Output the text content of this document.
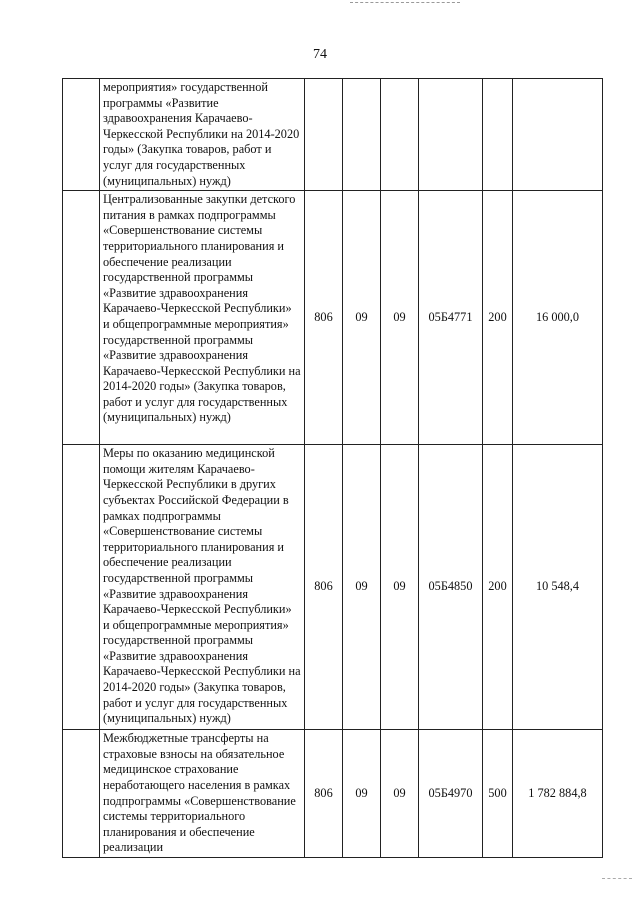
74
	мероприятия» государственной программы «Развитие здравоохранения Карачаево-Черкесской Республики на 2014-2020 годы» (Закупка товаров, работ и услуг для государственных (муниципальных) нужд)						
	Централизованные закупки детского питания в рамках подпрограммы «Совершенствование системы территориального планирования и обеспечение реализации государственной программы «Развитие здравоохранения Карачаево-Черкесской Республики» и общепрограммные мероприятия» государственной программы «Развитие здравоохранения Карачаево-Черкесской Республики на 2014-2020 годы» (Закупка товаров, работ и услуг для государственных (муниципальных) нужд)	806	09	09	05Б4771	200	16 000,0
	Меры по оказанию медицинской помощи жителям Карачаево-Черкесской Республики в других субъектах Российской Федерации в рамках подпрограммы «Совершенствование системы территориального планирования и обеспечение реализации государственной программы «Развитие здравоохранения Карачаево-Черкесской Республики» и общепрограммные мероприятия» государственной программы «Развитие здравоохранения Карачаево-Черкесской Республики на 2014-2020 годы» (Закупка товаров, работ и услуг для государственных (муниципальных) нужд)	806	09	09	05Б4850	200	10 548,4
	Межбюджетные трансферты на страховые взносы на обязательное медицинское страхование неработающего населения в рамках подпрограммы «Совершенствование системы территориального планирования и обеспечение реализации	806	09	09	05Б4970	500	1 782 884,8
